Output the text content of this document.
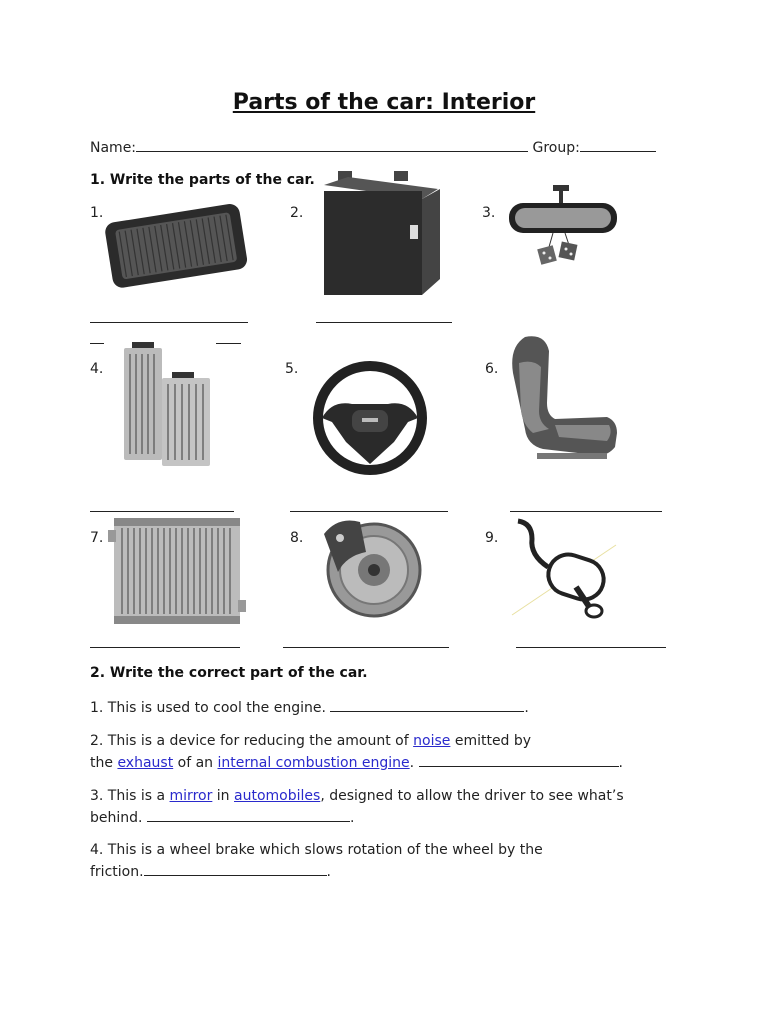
Parts of the car: Interior
Name:	Group:
1. Write the parts of the car.
1.	2.	3.
4.	5.	6.
7.	8.	9.
2. Write the correct part of the car.
1. This is used to cool the engine.	.
2. This is a device for reducing the amount of noise emitted by
the exhaust of an internal combustion engine.	.
3. This is a mirror in automobiles, designed to allow the driver to see what’s
behind.	.
4. This is a wheel brake which slows rotation of the wheel by the
friction.	.
